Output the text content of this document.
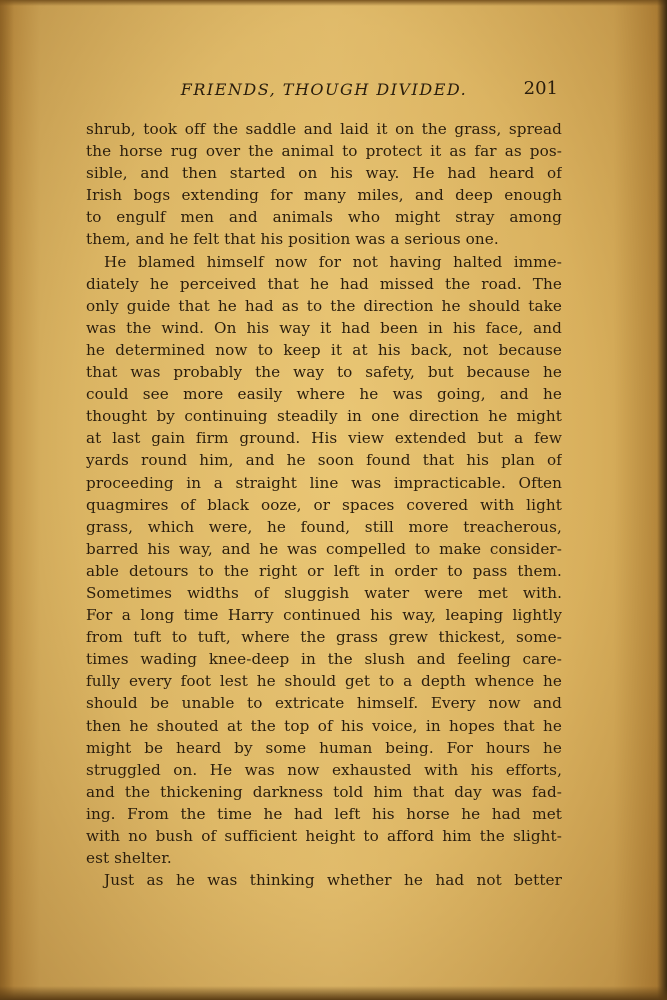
FRIENDS, THOUGH DIVIDED.	201
shrub, took off the saddle and laid it on the grass, spread
the horse rug over the animal to protect it as far as pos-
sible, and then started on his way. He had heard of
Irish bogs extending for many miles, and deep enough
to engulf men and animals who might stray among
them, and he felt that his position was a serious one.
He blamed himself now for not having halted imme-
diately he perceived that he had missed the road. The
only guide that he had as to the direction he should take
was the wind. On his way it had been in his face, and
he determined now to keep it at his back, not because
that was probably the way to safety, but because he
could see more easily where he was going, and he
thought by continuing steadily in one direction he might
at last gain firm ground. His view extended but a few
yards round him, and he soon found that his plan of
proceeding in a straight line was impracticable. Often
quagmires of black ooze, or spaces covered with light
grass, which were, he found, still more treacherous,
barred his way, and he was compelled to make consider-
able detours to the right or left in order to pass them.
Sometimes widths of sluggish water were met with.
For a long time Harry continued his way, leaping lightly
from tuft to tuft, where the grass grew thickest, some-
times wading knee-deep in the slush and feeling care-
fully every foot lest he should get to a depth whence he
should be unable to extricate himself. Every now and
then he shouted at the top of his voice, in hopes that he
might be heard by some human being. For hours he
struggled on. He was now exhausted with his efforts,
and the thickening darkness told him that day was fad-
ing. From the time he had left his horse he had met
with no bush of sufficient height to afford him the slight-
est shelter.
Just as he was thinking whether he had not better
